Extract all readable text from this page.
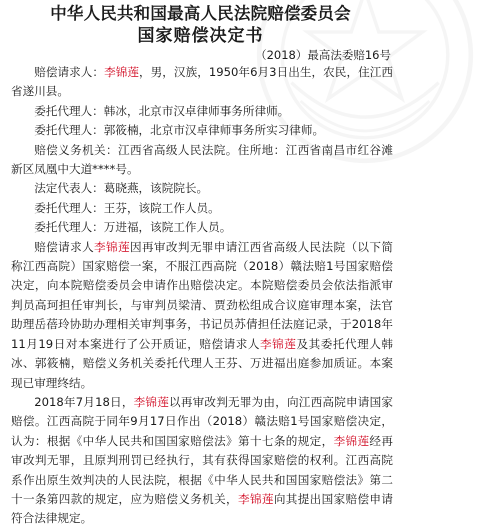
中华人民共和国最高人民法院赔偿委员会
国家赔偿决定书
（2018）最高法委赔16号

赔偿请求人：李锦莲，男，汉族，1950年6月3日出生，农民，住江西省遂川县。

委托代理人：韩冰，北京市汉卓律师事务所律师。

委托代理人：郭筱楠，北京市汉卓律师事务所实习律师。

赔偿义务机关：江西省高级人民法院。住所地：江西省南昌市红谷滩新区凤凰中大道****号。

法定代表人：葛晓燕，该院院长。

委托代理人：王芬，该院工作人员。

委托代理人：万进福，该院工作人员。

赔偿请求人李锦莲因再审改判无罪申请江西省高级人民法院（以下简称江西高院）国家赔偿一案，不服江西高院（2018）赣法赔1号国家赔偿决定，向本院赔偿委员会申请作出赔偿决定。本院赔偿委员会依法指派审判员高珂担任审判长，与审判员梁清、贾劲松组成合议庭审理本案，法官助理岳蓓玲协助办理相关审判事务，书记员苏倩担任法庭记录，于2018年11月19日对本案进行了公开质证，赔偿请求人李锦莲及其委托代理人韩冰、郭筱楠，赔偿义务机关委托代理人王芬、万进福出庭参加质证。本案现已审理终结。

2018年7月18日，李锦莲以再审改判无罪为由，向江西高院申请国家赔偿。江西高院于同年9月17日作出（2018）赣法赔1号国家赔偿决定，认为：根据《中华人民共和国国家赔偿法》第十七条的规定，李锦莲经再审改判无罪，且原判刑罚已经执行，其有获得国家赔偿的权利。江西高院系作出原生效判决的人民法院，根据《中华人民共和国国家赔偿法》第二十一条第四款的规定，应为赔偿义务机关，李锦莲向其提出国家赔偿申请符合法律规定。
